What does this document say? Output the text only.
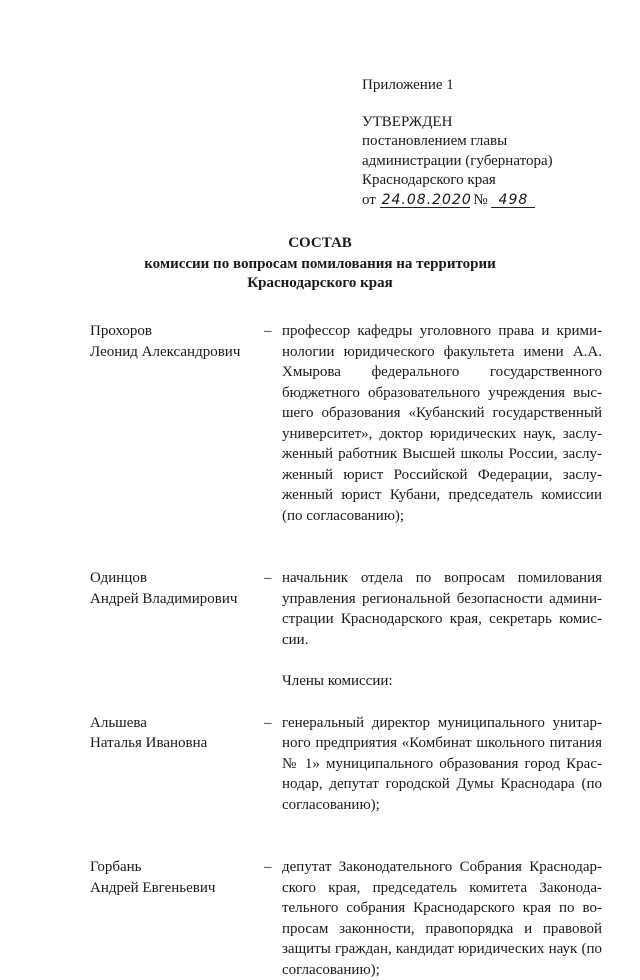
Приложение 1
УТВЕРЖДЕН
постановлением главы
администрации (губернатора)
Краснодарского края
от 24.08.2020 № 498
СОСТАВ
комиссии по вопросам помилования на территории
Краснодарского края
Прохоров
Леонид Александрович
– профессор кафедры уголовного права и криминологии юридического факультета имени А.А. Хмырова федерального государственного бюджетного образовательного учреждения высшего образования «Кубанский государственный университет», доктор юридических наук, заслуженный работник Высшей школы России, заслуженный юрист Российской Федерации, заслуженный юрист Кубани, председатель комиссии (по согласованию);
Одинцов
Андрей Владимирович
– начальник отдела по вопросам помилования управления региональной безопасности администрации Краснодарского края, секретарь комиссии.
Члены комиссии:
Альшева
Наталья Ивановна
– генеральный директор муниципального унитарного предприятия «Комбинат школьного питания № 1» муниципального образования город Краснодар, депутат городской Думы Краснодара (по согласованию);
Горбань
Андрей Евгеньевич
– депутат Законодательного Собрания Краснодарского края, председатель комитета Законодательного собрания Краснодарского края по вопросам законности, правопорядка и правовой защиты граждан, кандидат юридических наук (по согласованию);
